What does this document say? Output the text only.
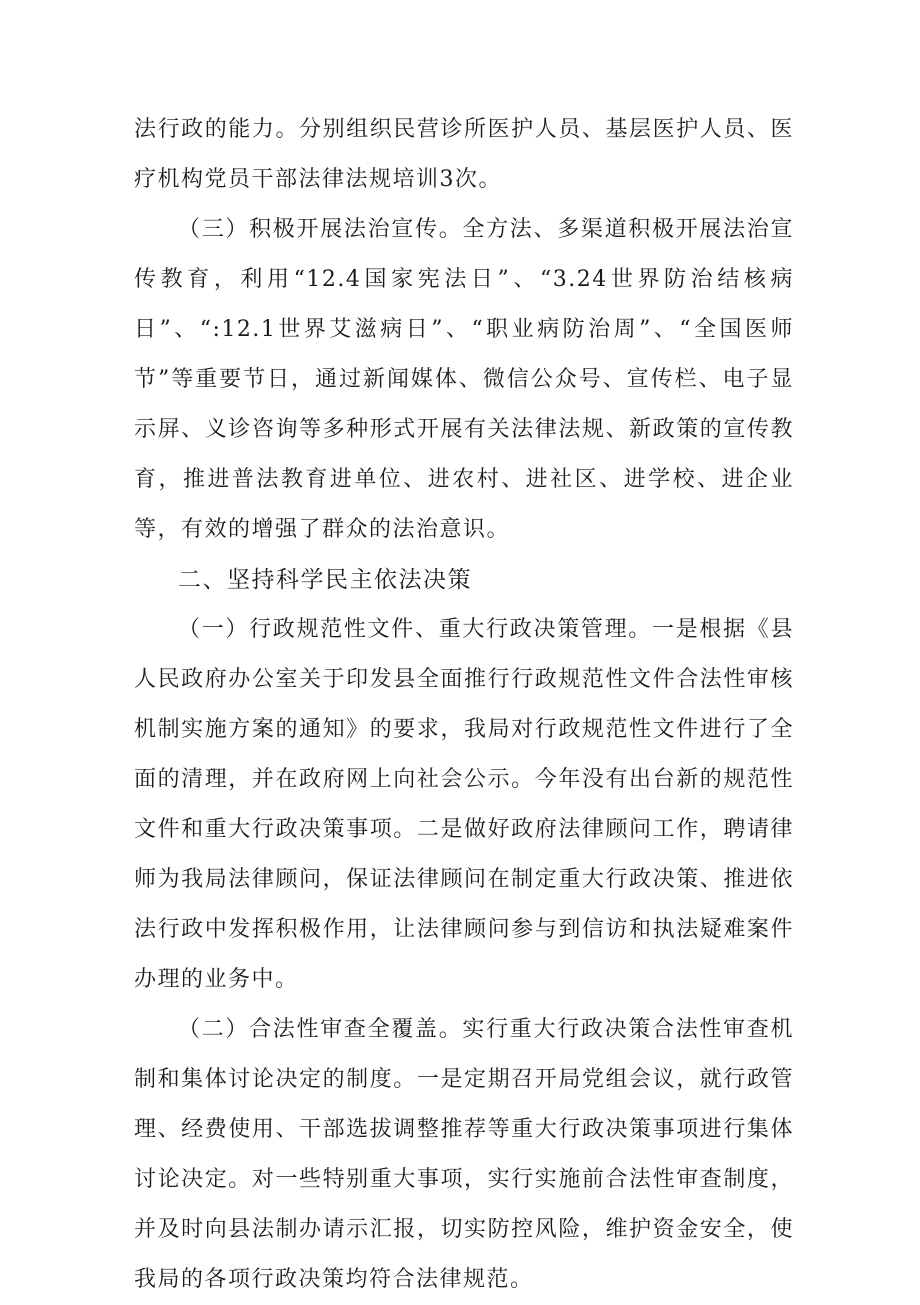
法行政的能力。分别组织民营诊所医护人员、基层医护人员、医疗机构党员干部法律法规培训3次。

（三）积极开展法治宣传。全方法、多渠道积极开展法治宣传教育，利用“12.4国家宪法日”、“3.24世界防治结核病日”、“:12.1世界艾滋病日”、“职业病防治周”、“全国医师节”等重要节日，通过新闻媒体、微信公众号、宣传栏、电子显示屏、义诊咨询等多种形式开展有关法律法规、新政策的宣传教育，推进普法教育进单位、进农村、进社区、进学校、进企业等，有效的增强了群众的法治意识。

二、坚持科学民主依法决策

（一）行政规范性文件、重大行政决策管理。一是根据《县人民政府办公室关于印发县全面推行行政规范性文件合法性审核机制实施方案的通知》的要求，我局对行政规范性文件进行了全面的清理，并在政府网上向社会公示。今年没有出台新的规范性文件和重大行政决策事项。二是做好政府法律顾问工作，聘请律师为我局法律顾问，保证法律顾问在制定重大行政决策、推进依法行政中发挥积极作用，让法律顾问参与到信访和执法疑难案件办理的业务中。

（二）合法性审查全覆盖。实行重大行政决策合法性审查机制和集体讨论决定的制度。一是定期召开局党组会议，就行政管理、经费使用、干部选拔调整推荐等重大行政决策事项进行集体讨论决定。对一些特别重大事项，实行实施前合法性审查制度，并及时向县法制办请示汇报，切实防控风险，维护资金安全，使我局的各项行政决策均符合法律规范。
